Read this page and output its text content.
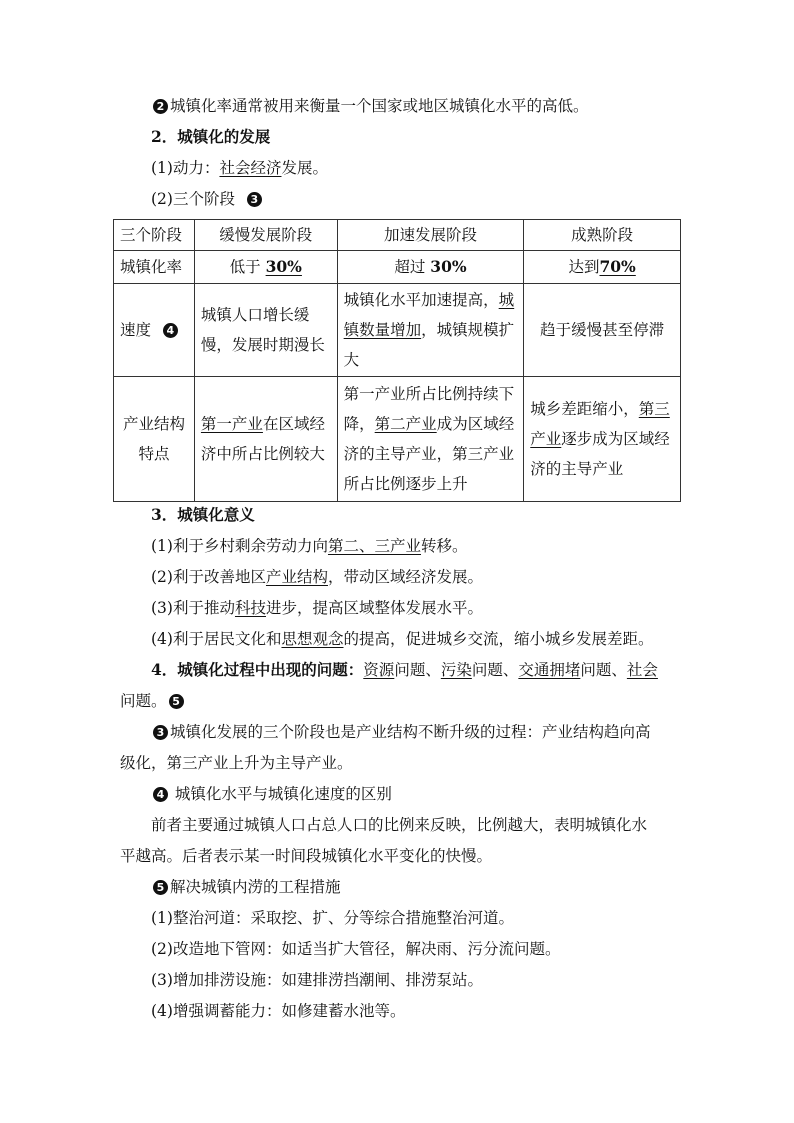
2 城镇化率通常被用来衡量一个国家或地区城镇化水平的高低。
2．城镇化的发展
(1)动力：社会经济发展。
(2)三个阶段 3
三个阶段	缓慢发展阶段	加速发展阶段	成熟阶段
城镇化率	低于 30%	超过 30%	达到70%
速度 4	城镇人口增长缓慢，发展时期漫长	城镇化水平加速提高，城镇数量增加，城镇规模扩大	趋于缓慢甚至停滞
产业结构特点	第一产业在区域经济中所占比例较大	第一产业所占比例持续下降，第二产业成为区域经济的主导产业，第三产业所占比例逐步上升	城乡差距缩小，第三产业逐步成为区域经济的主导产业
3．城镇化意义
(1)利于乡村剩余劳动力向第二、三产业转移。
(2)利于改善地区产业结构，带动区域经济发展。
(3)利于推动科技进步，提高区域整体发展水平。
(4)利于居民文化和思想观念的提高，促进城乡交流，缩小城乡发展差距。
4．城镇化过程中出现的问题：资源问题、污染问题、交通拥堵问题、社会
问题。 5
3 城镇化发展的三个阶段也是产业结构不断升级的过程：产业结构趋向高
级化，第三产业上升为主导产业。
4 城镇化水平与城镇化速度的区别
前者主要通过城镇人口占总人口的比例来反映，比例越大，表明城镇化水
平越高。后者表示某一时间段城镇化水平变化的快慢。
5 解决城镇内涝的工程措施
(1)整治河道：采取挖、扩、分等综合措施整治河道。
(2)改造地下管网：如适当扩大管径，解决雨、污分流问题。
(3)增加排涝设施：如建排涝挡潮闸、排涝泵站。
(4)增强调蓄能力：如修建蓄水池等。
